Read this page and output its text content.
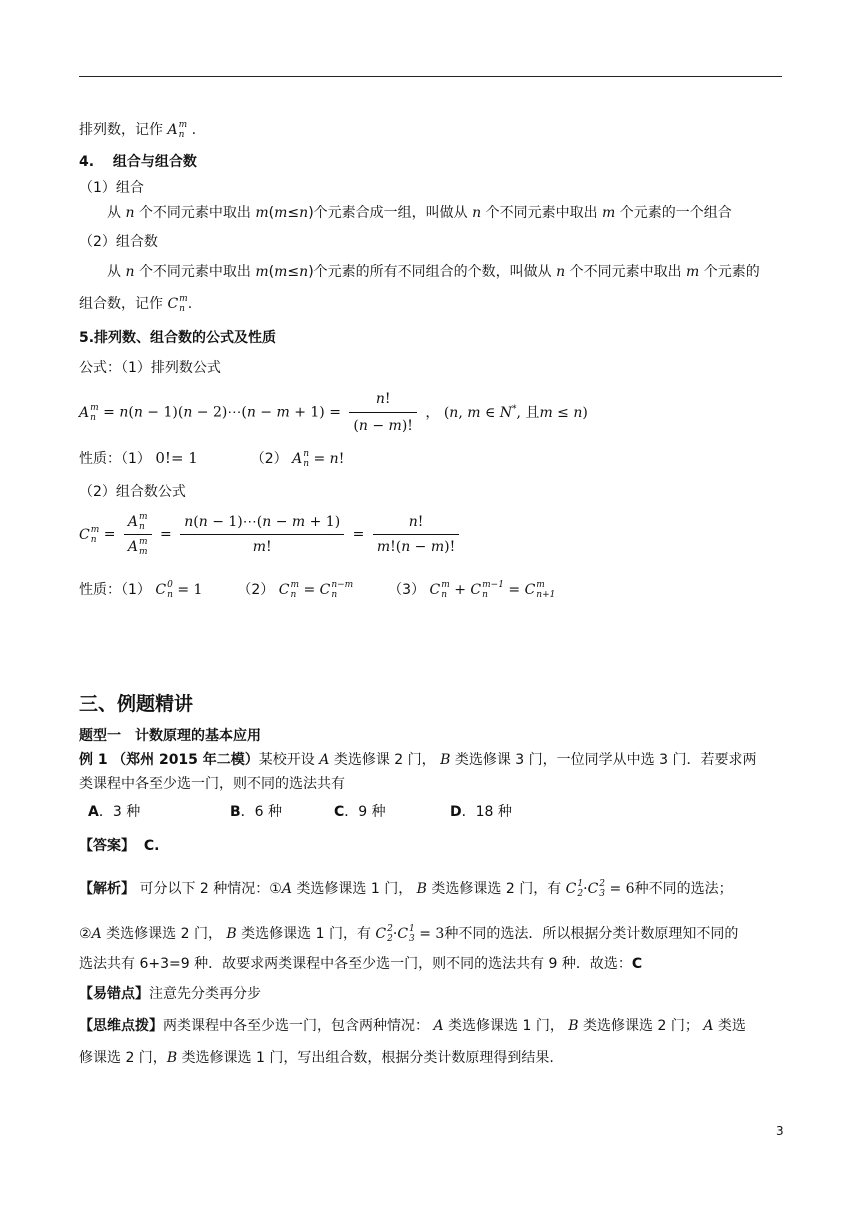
排列数，记作 A m
n .
4.　 组合与组合数
（1）组合
从 n 个不同元素中取出 m(m≤n)个元素合成一组，叫做从 n 个不同元素中取出 m 个元素的一个组合
（2）组合数
从 n 个不同元素中取出 m(m≤n)个元素的所有不同组合的个数，叫做从 n 个不同元素中取出 m 个元素的
组合数，记作 C m
n .
5.排列数、组合数的公式及性质
公式：（1）排列数公式
A m
n = n(n − 1)(n − 2)⋯(n − $m + 1) = \frac{n!}{(n - m)!}$ ， (n, m ∈ N*, 且m ≤ n)
性质：（1） 0!= 1	（2） A n
n = n!
（2）组合数公式
C m
n = A m
n
A m
$m = \frac{n(n - 1)\cdots(n - m + 1)}{m!} = \frac{n!}{m!(n - m)!}$
性质：（1） C 0
n = 1 （2） C m
n = C n−m
n	（3） C m
n + C m−1
n	= C m
n+1
三、例题精讲
题型一　计数原理的基本应用
例 1 （郑州 2015 年二模）某校开设 A 类选修课 2 门， B 类选修课 3 门，一位同学从中选 3 门．若要求两
类课程中各至少选一门，则不同的选法共有
A．3 种	B．6 种	C．9 种	D．18 种
【答案】 C.
【解析】 可分以下 2 种情况：①A 类选修课选 1 门， B 类选修课选 2 门，有 C 1
2 ·C 2
3 = 6种不同的选法；
②A 类选修课选 2 门， B 类选修课选 1 门，有 C 2
2 ·C 1
3 = 3种不同的选法．所以根据分类计数原理知不同的
选法共有 6+3=9 种．故要求两类课程中各至少选一门，则不同的选法共有 9 种．故选：C
【易错点】注意先分类再分步
【思维点拨】两类课程中各至少选一门，包含两种情况： A 类选修课选 1 门， B 类选修课选 2 门； A 类选
修课选 2 门，B 类选修课选 1 门，写出组合数，根据分类计数原理得到结果.
3
